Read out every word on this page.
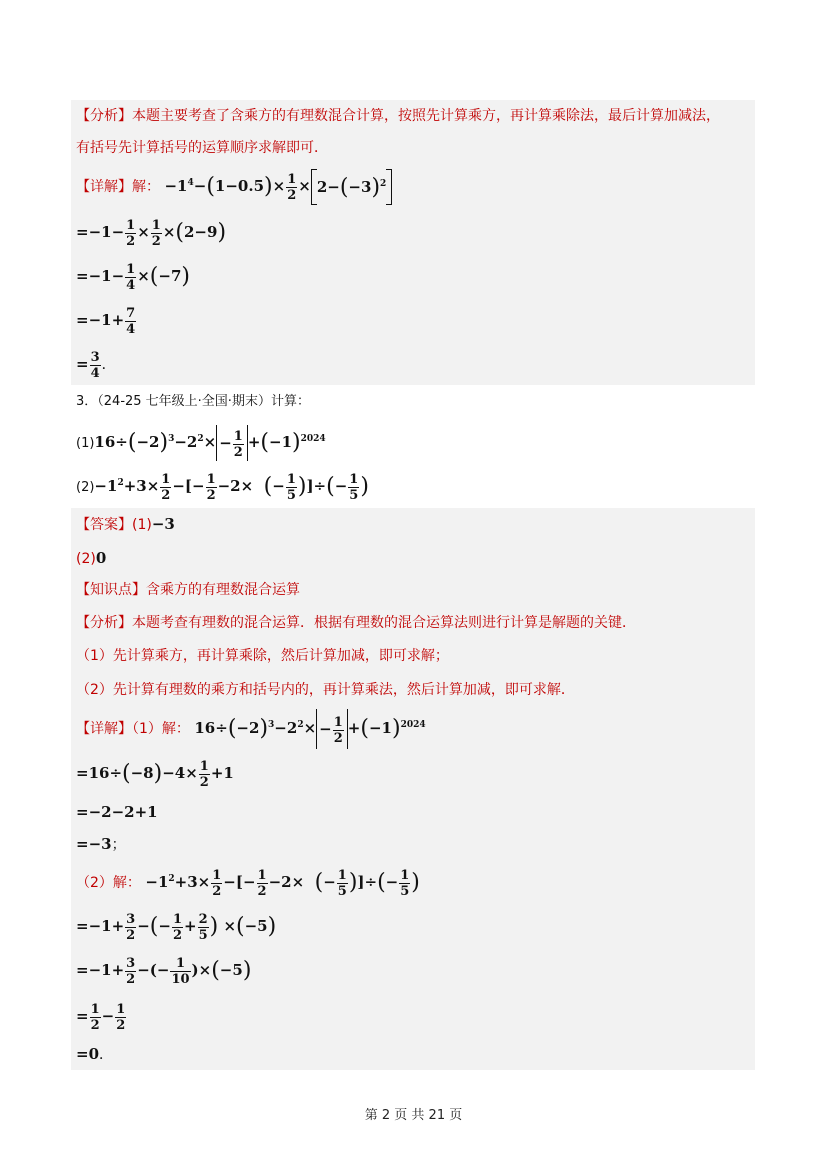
【分析】本题主要考查了含乘方的有理数混合计算，按照先计算乘方，再计算乘除法，最后计算加减法，
有括号先计算括号的运算顺序求解即可．
【详解】解： $-1^4-(1-0.5)\times \frac{1}{2} \times 2-(-3)^2$
$=-1- \frac{1}{2} \times \frac{1}{2} \times(2-9)$
$=-1- \frac{1}{4} \times(-7)$
$=-1+ \frac{7}{4}$
= $\frac{3}{4}$ ．
3．（24-25 七年级上·全国·期末）计算：
$(1)16\div(-2)^3-2^2\times - \frac{1}{2} +(-1)^{2024}$
$(2)-1^2+3\times \frac{1}{2}$ −[− $\frac{1}{2} -2\times$  (− $\frac{1}{5}$ )]÷(− $\frac{1}{5}$ )
【答案】(1)−3
(2)0
【知识点】含乘方的有理数混合运算
【分析】本题考查有理数的混合运算．根据有理数的混合运算法则进行计算是解题的关键．
（1）先计算乘方，再计算乘除，然后计算加减，即可求解；
（2）先计算有理数的乘方和括号内的，再计算乘法，然后计算加减，即可求解．
【详解】（1）解： $16\div(-2)^3-2^2\times - \frac{1}{2} +(-1)^{2024}$
$=16\div(-8)-4\times \frac{1}{2} +1$
=−2−2+1
=−3；
（2）解： $-1^2+3\times \frac{1}{2}$ −[− $\frac{1}{2} -2\times$  (− $\frac{1}{5}$ )]÷(− $\frac{1}{5}$ )
$=-1+ \frac{3}{2}$ −(− $\frac{1}{2} + \frac{2}{5}$ ) ×(−5)
$=-1+ \frac{3}{2}$ −(− $\frac{1}{10} )\times(-5)$
= $\frac{1}{2} - \frac{1}{2}$
=0．
第 2 页 共 21 页
